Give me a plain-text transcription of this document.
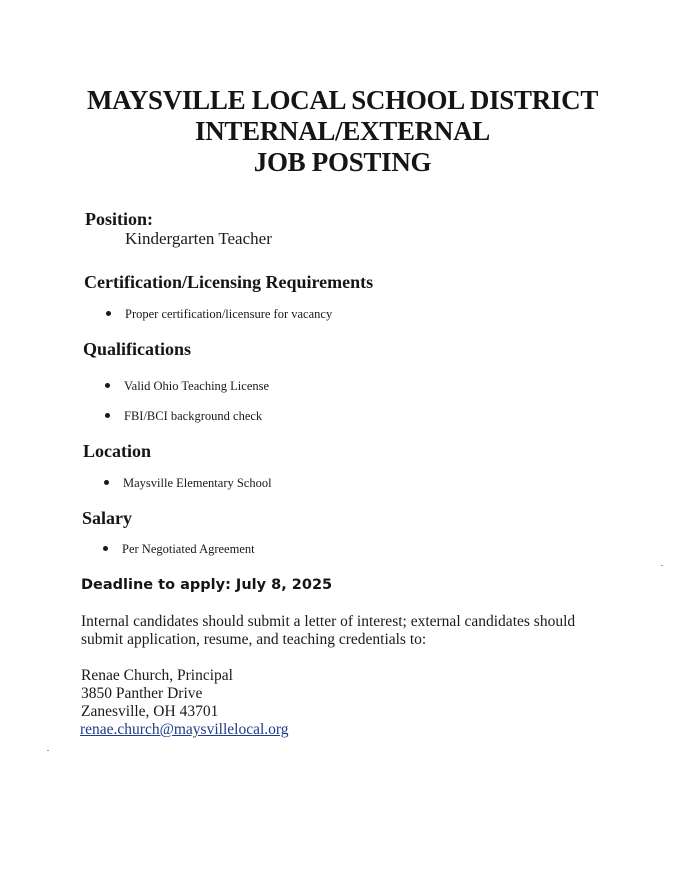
MAYSVILLE LOCAL SCHOOL DISTRICT
INTERNAL/EXTERNAL
JOB POSTING
Position:
Kindergarten Teacher
Certification/Licensing Requirements
Proper certification/licensure for vacancy
Qualifications
Valid Ohio Teaching License
FBI/BCI background check
Location
Maysville Elementary School
Salary
Per Negotiated Agreement
Deadline to apply: July 8, 2025

Internal candidates should submit a letter of interest; external candidates should submit application, resume, and teaching credentials to:

Renae Church, Principal
3850 Panther Drive
Zanesville, OH 43701
renae.church@maysvillelocal.org
